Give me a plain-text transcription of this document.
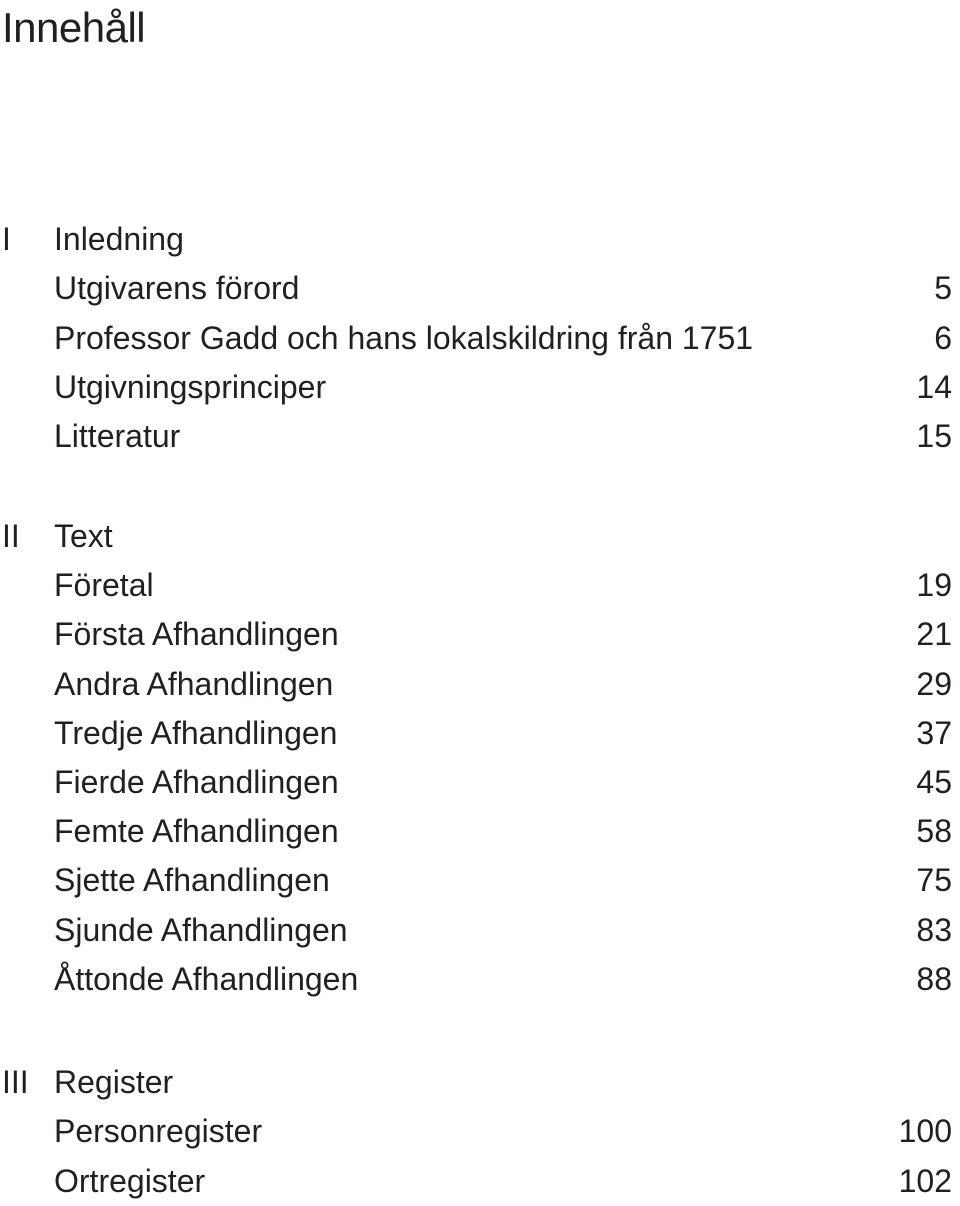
Innehåll
I Inledning
Utgivarens förord	5
Professor Gadd och hans lokalskildring från 1751	6
Utgivningsprinciper	14
Litteratur	15
II Text
Företal	19
Första Afhandlingen	21
Andra Afhandlingen	29
Tredje Afhandlingen	37
Fierde Afhandlingen	45
Femte Afhandlingen	58
Sjette Afhandlingen	75
Sjunde Afhandlingen	83
Åttonde Afhandlingen	88
III Register
Personregister	100
Ortregister	102
